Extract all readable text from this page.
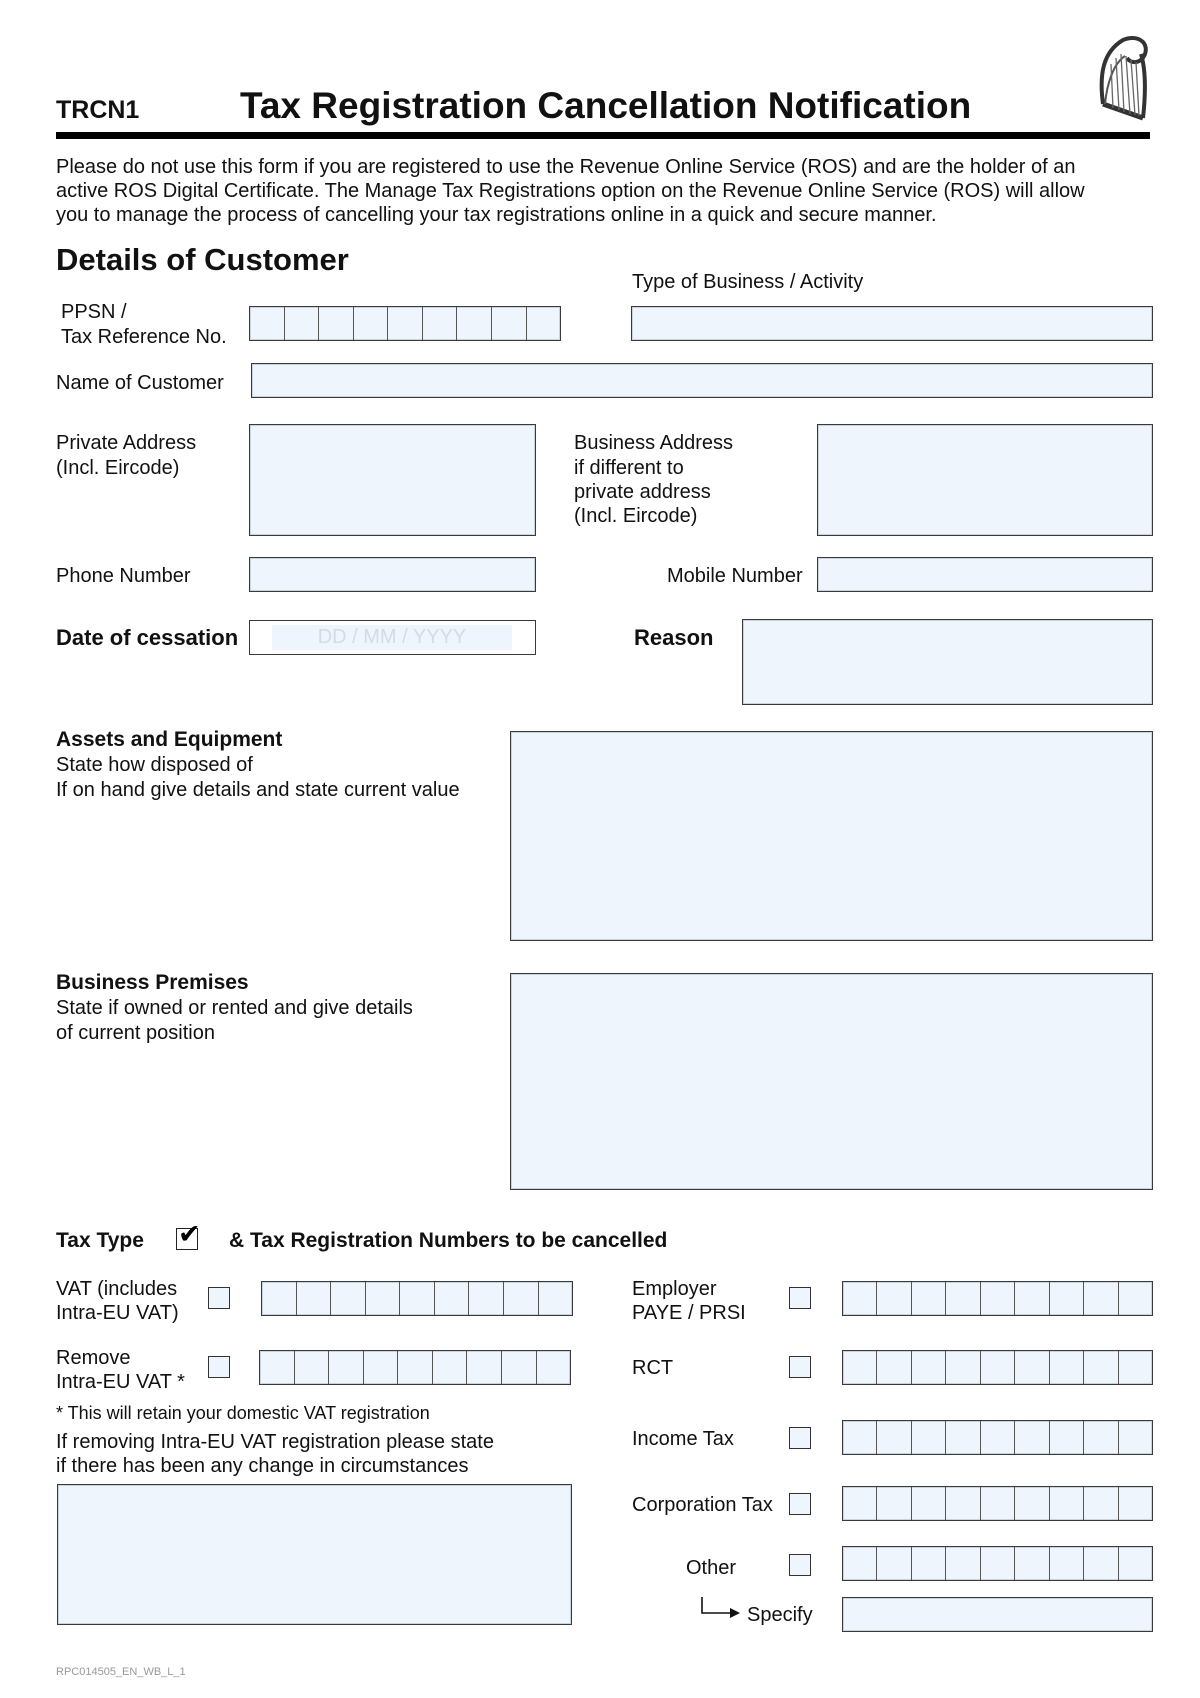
TRCN1	Tax Registration Cancellation Notification
Please do not use this form if you are registered to use the Revenue Online Service (ROS) and are the holder of an
active ROS Digital Certificate. The Manage Tax Registrations option on the Revenue Online Service (ROS) will allow
you to manage the process of cancelling your tax registrations online in a quick and secure manner.
Details of Customer
Type of Business / Activity
PPSN /
Tax Reference No.
Name of Customer
Private Address
(Incl. Eircode)
Business Address
if different to
private address
(Incl. Eircode)
Phone Number	Mobile Number
Date of cessation	DD / MM / YYYY	Reason
Assets and Equipment
State how disposed of
If on hand give details and state current value
Business Premises
State if owned or rented and give details
of current position
Tax Type ✔ & Tax Registration Numbers to be cancelled
VAT (includes
Intra-EU VAT)
Remove
Intra-EU VAT *
* This will retain your domestic VAT registration
If removing Intra-EU VAT registration please state
if there has been any change in circumstances
Employer
PAYE / PRSI
RCT
Income Tax
Corporation Tax
Other
Specify
RPC014505_EN_WB_L_1
